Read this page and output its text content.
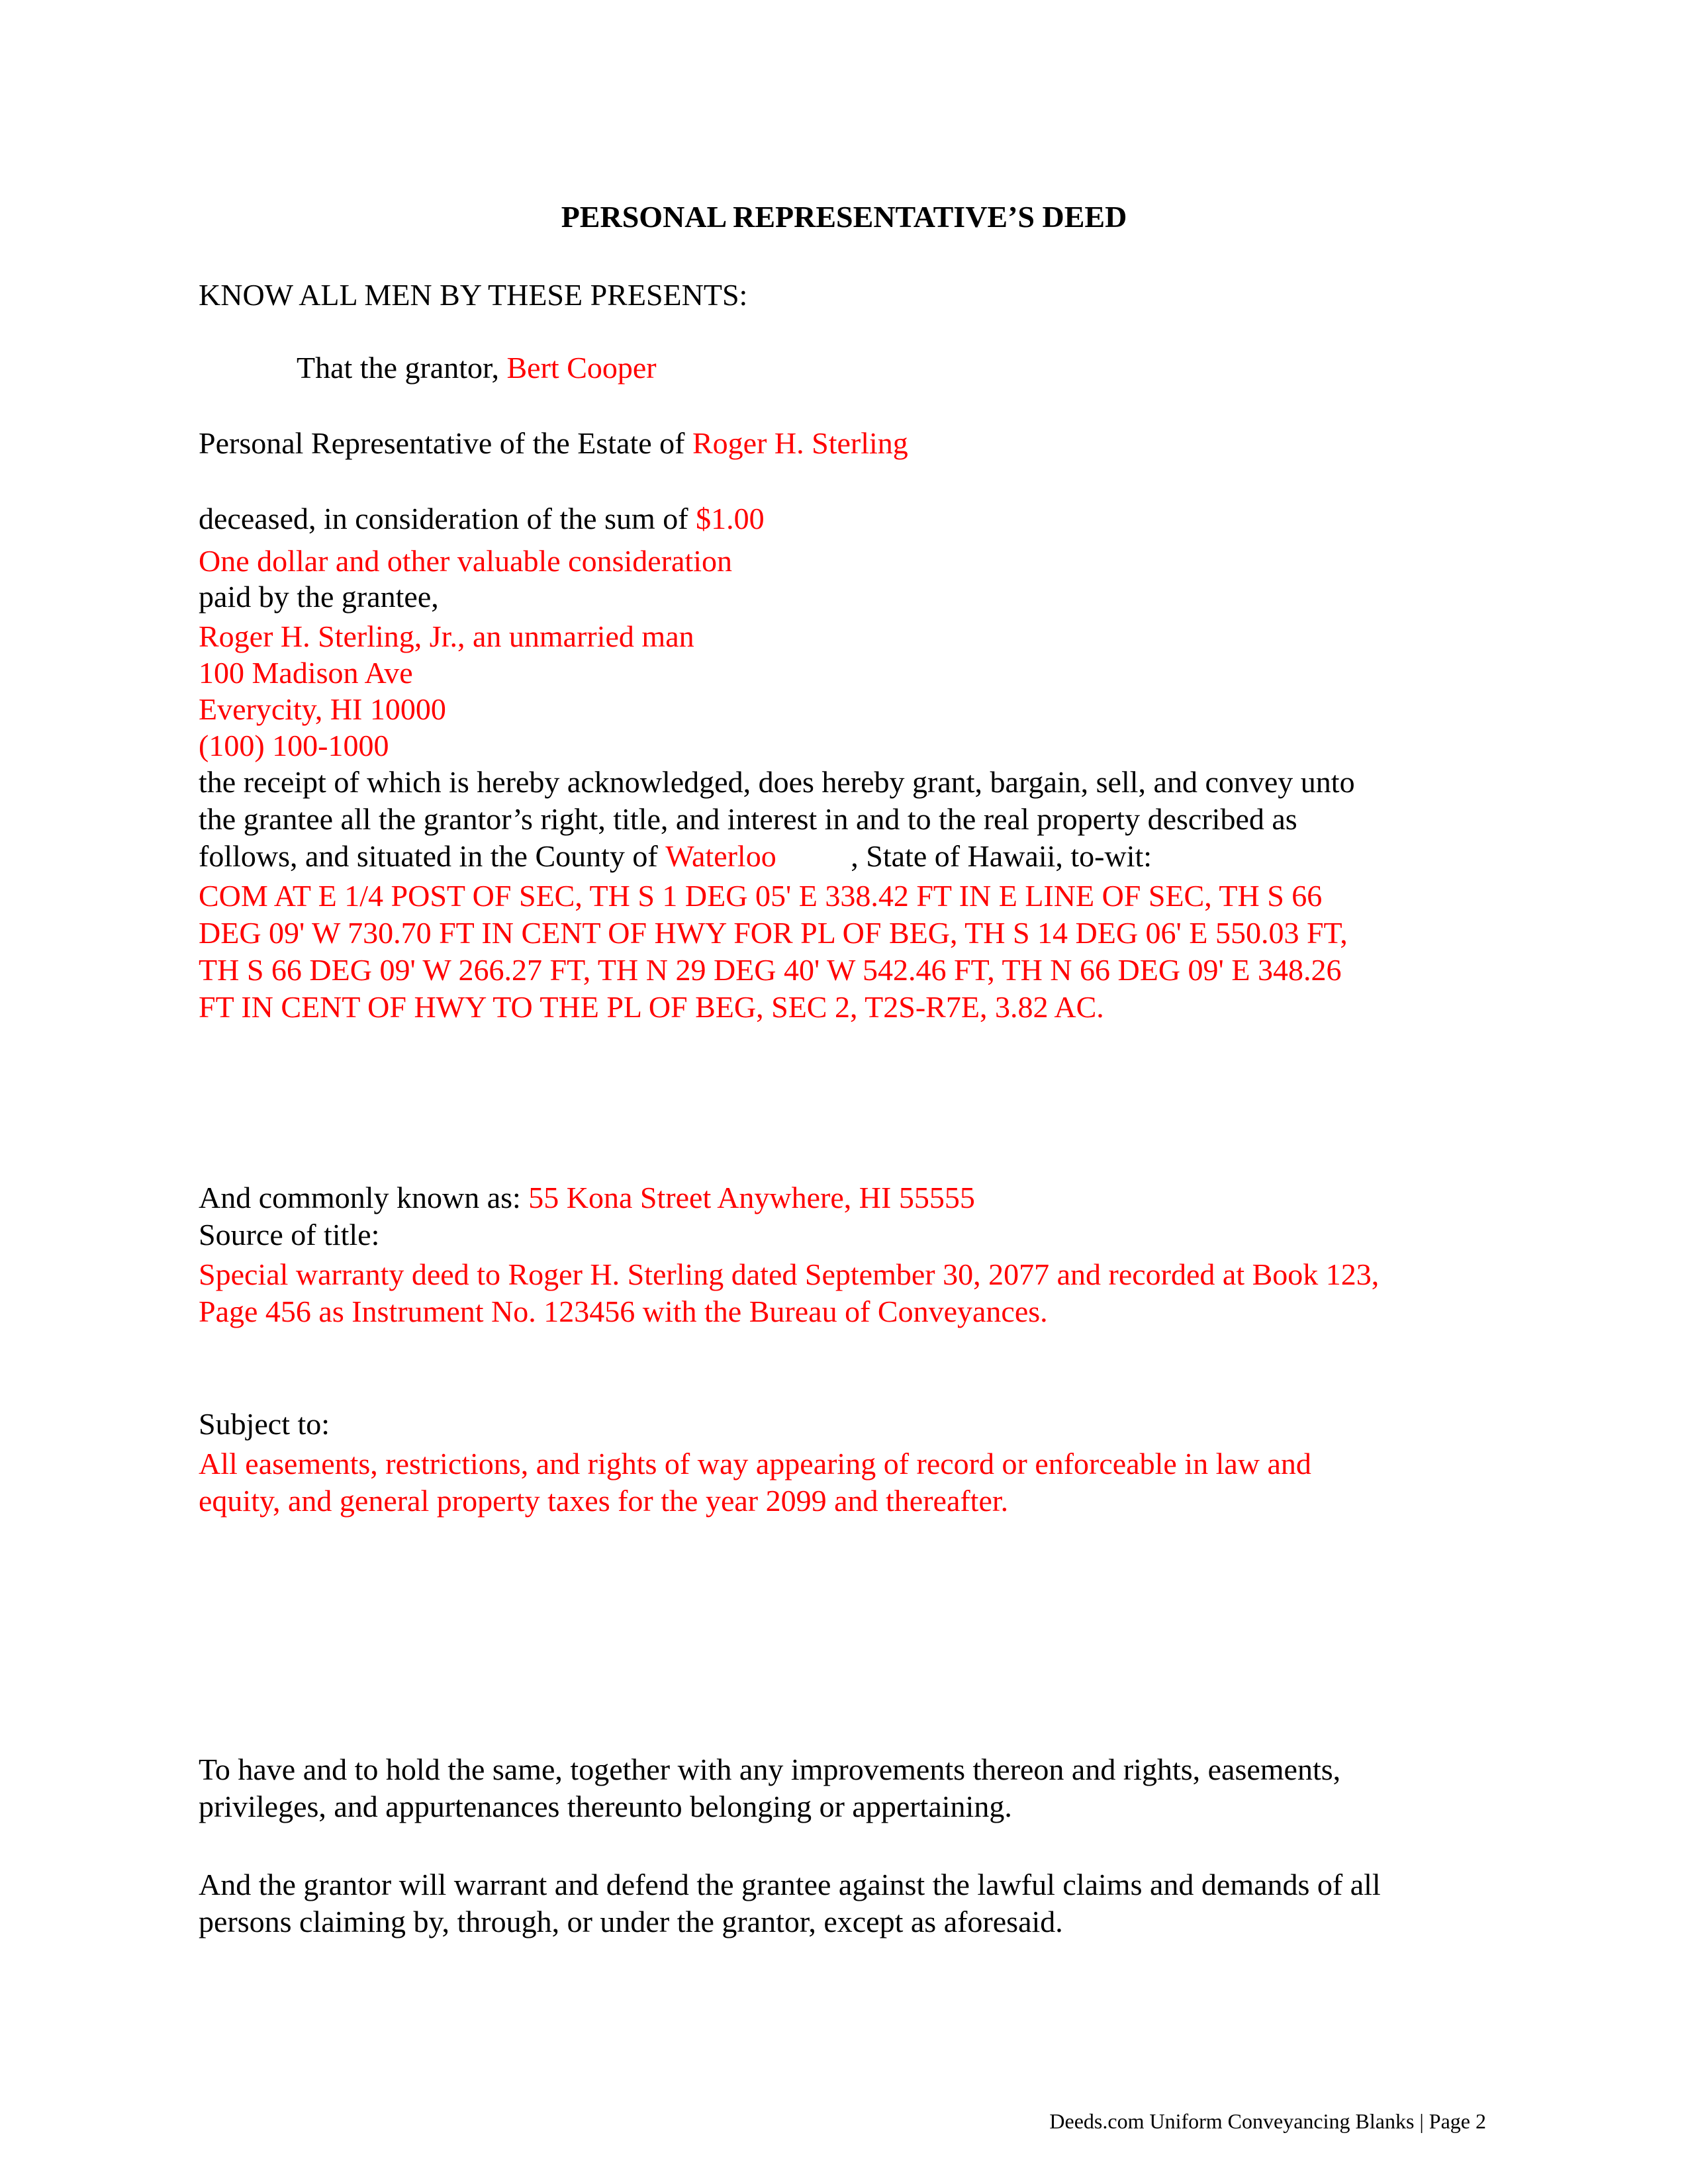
PERSONAL REPRESENTATIVE’S DEED
KNOW ALL MEN BY THESE PRESENTS:
That the grantor, Bert Cooper
Personal Representative of the Estate of Roger H. Sterling
deceased, in consideration of the sum of $1.00
One dollar and other valuable consideration
paid by the grantee,
Roger H. Sterling, Jr., an unmarried man
100 Madison Ave
Everycity, HI 10000
(100) 100-1000
the receipt of which is hereby acknowledged, does hereby grant, bargain, sell, and convey unto
the grantee all the grantor’s right, title, and interest in and to the real property described as
follows, and situated in the County of Waterloo , State of Hawaii, to-wit:
COM AT E 1/4 POST OF SEC, TH S 1 DEG 05' E 338.42 FT IN E LINE OF SEC, TH S 66
DEG 09' W 730.70 FT IN CENT OF HWY FOR PL OF BEG, TH S 14 DEG 06' E 550.03 FT,
TH S 66 DEG 09' W 266.27 FT, TH N 29 DEG 40' W 542.46 FT, TH N 66 DEG 09' E 348.26
FT IN CENT OF HWY TO THE PL OF BEG, SEC 2, T2S-R7E, 3.82 AC.
And commonly known as: 55 Kona Street Anywhere, HI 55555
Source of title:
Special warranty deed to Roger H. Sterling dated September 30, 2077 and recorded at Book 123,
Page 456 as Instrument No. 123456 with the Bureau of Conveyances.
Subject to:
All easements, restrictions, and rights of way appearing of record or enforceable in law and
equity, and general property taxes for the year 2099 and thereafter.
To have and to hold the same, together with any improvements thereon and rights, easements,
privileges, and appurtenances thereunto belonging or appertaining.
And the grantor will warrant and defend the grantee against the lawful claims and demands of all
persons claiming by, through, or under the grantor, except as aforesaid.
Deeds.com Uniform Conveyancing Blanks | Page 2
